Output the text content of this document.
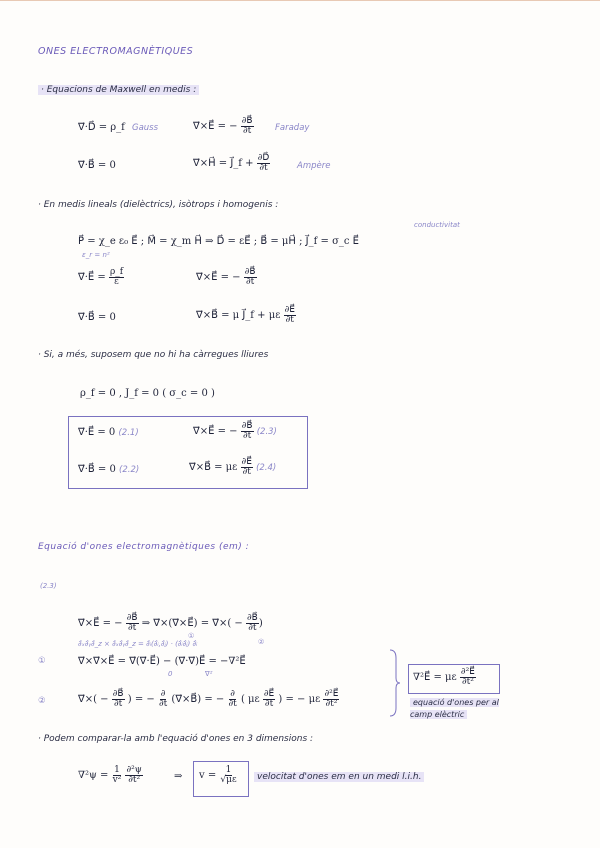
ONES ELECTROMAGNÈTIQUES
· Equacions de Maxwell en medis :
∇⃗·D⃗ = ρ_f Gauss	∇⃗×E⃗ = − $\frac{\partial B⃗}{\partial t}$	Faraday
∇⃗·B⃗ = 0	∇⃗×H⃗ = J⃗_f + $\frac{\partial D⃗}{\partial t}$	Ampère
· En medis lineals (dielèctrics), isòtrops i homogenis :
conductivitat
P⃗ = χ_e ε₀ E⃗ ; M⃗ = χ_m H⃗ ⇒ D⃗ = εE⃗ ; B⃗ = μH⃗ ; J⃗_f = σ_c E⃗
ε_r = n²
∇⃗·E⃗ = $\frac{\rho\_f}{\varepsilon}$	∇⃗×E⃗ = − $\frac{\partial B⃗}{\partial t}$
∇⃗·B⃗ = 0	∇⃗×B⃗ = μ J⃗_f + με $\frac{\partial E⃗}{\partial t}$
· Si, a més, suposem que no hi ha càrregues lliures
ρ_f = 0 , J_f = 0 ( σ_c = 0 )
∇⃗·E⃗ = 0 (2.1)	∇⃗×E⃗ = − $\frac{\partial B⃗}{\partial t} (2.3)$
∇⃗·B⃗ = 0 (2.2)	∇⃗×B⃗ = με $\frac{\partial E⃗}{\partial t} (2.4)$
Equació d'ones electromagnètiques (em) :
(2.3)
∇⃗×E⃗ = − $\frac{\partial B⃗}{\partial t}$ ⇒ ∇⃗×(∇⃗×E⃗) = ∇⃗×( − $\frac{\partial B⃗}{\partial t}$ )
①
②
∂̂ₓ∂̂ᵧ∂̂_z × ∂̂ₓ∂̂ᵧ∂̂_z = ∂̂ᵢ(∂̂ᵢ,∂̂ⱼ) · (∂̂ᵢ∂̂ⱼ) ∂̂ᵢ
①	∇⃗×∇⃗×E⃗ = ∇⃗(∇⃗·E⃗) − (∇⃗·∇⃗)E⃗ = −∇²E⃗
0	∇²
②	∇⃗×( − $\frac{\partial B⃗}{\partial t}$ ) = − $\frac{\partial}{\partial t}$ (∇⃗×B⃗) = − $\frac{\partial}{\partial t}$ ( με $\frac{\partial E⃗}{\partial t}$ ) = − με $\frac{\text{∂²E⃗}}{\text{∂t²}}$
∇²E⃗ = με $\frac{\text{∂²E⃗}}{\text{∂t²}}$
equació d'ones per al camp elèctric
· Podem comparar-la amb l'equació d'ones en 3 dimensions :
$\nabla^2\psi = \frac{1}{\text{v²}}$
$\frac{\text{∂²ψ}}{\text{∂t²}}$	⇒ $v = \frac{1}{√\mu\varepsilon}$	velocitat d'ones em en un medi l.i.h.
